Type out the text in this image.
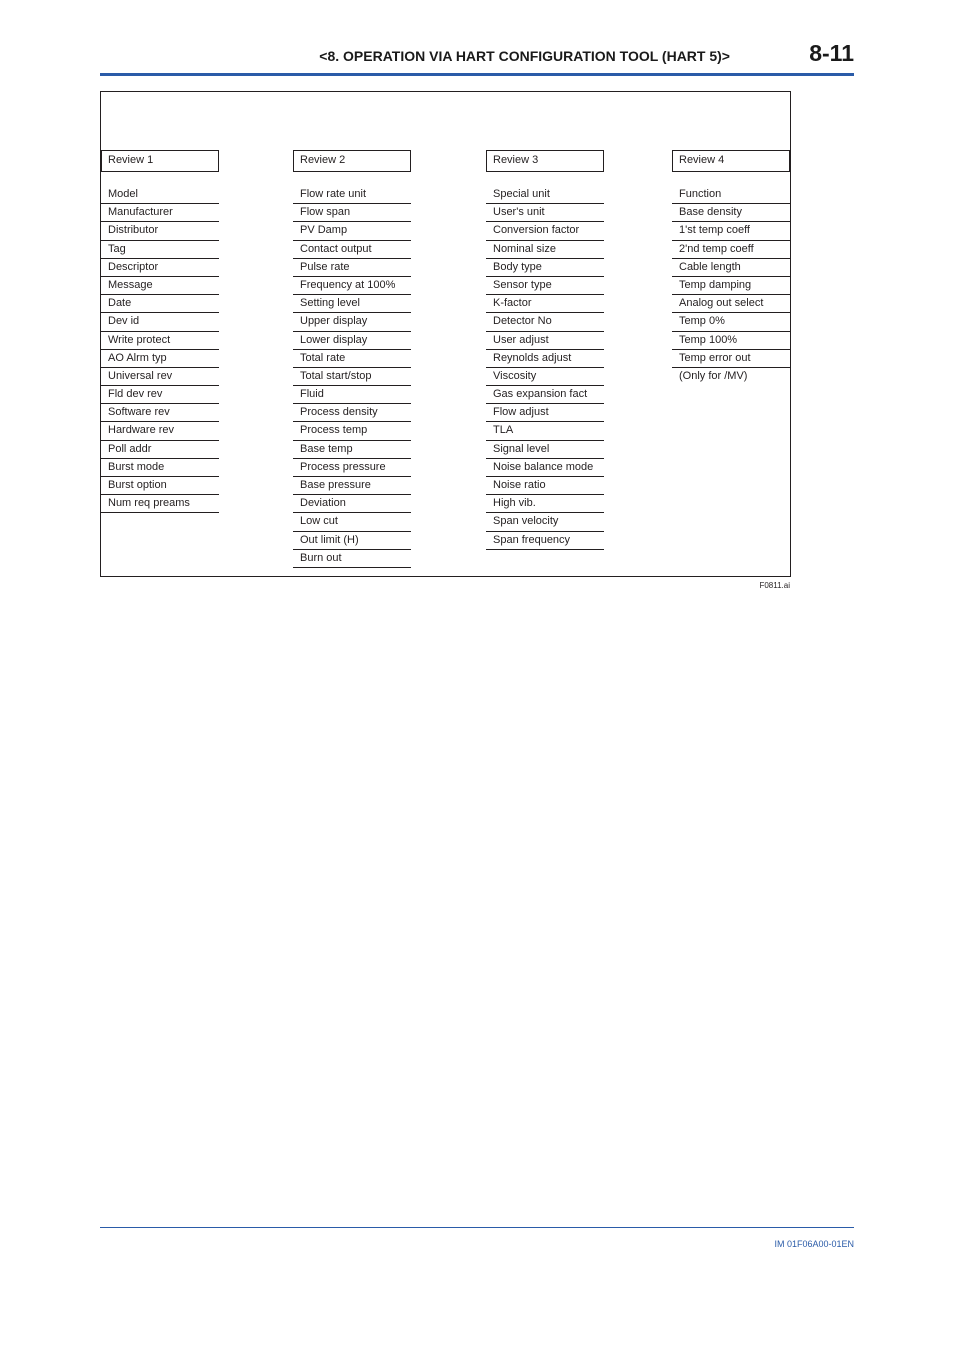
<8. OPERATION VIA HART CONFIGURATION TOOL (HART 5)>	8-11
Review 1
Model
Manufacturer
Distributor
Tag
Descriptor
Message
Date
Dev id
Write protect
AO Alrm typ
Universal rev
Fld dev rev
Software rev
Hardware rev
Poll addr
Burst mode
Burst option
Num req preams
Review 2
Flow rate unit
Flow span
PV Damp
Contact output
Pulse rate
Frequency at 100%
Setting level
Upper display
Lower display
Total rate
Total start/stop
Fluid
Process density
Process temp
Base temp
Process pressure
Base pressure
Deviation
Low cut
Out limit (H)
Burn out
Review 3
Special unit
User's unit
Conversion factor
Nominal size
Body type
Sensor type
K-factor
Detector No
User adjust
Reynolds adjust
Viscosity
Gas expansion fact
Flow adjust
TLA
Signal level
Noise balance mode
Noise ratio
High vib.
Span velocity
Span frequency
Review 4
Function
Base density
1'st temp coeff
2'nd temp coeff
Cable length
Temp damping
Analog out select
Temp 0%
Temp 100%
Temp error out
(Only for /MV)
F0811.ai
IM 01F06A00-01EN
